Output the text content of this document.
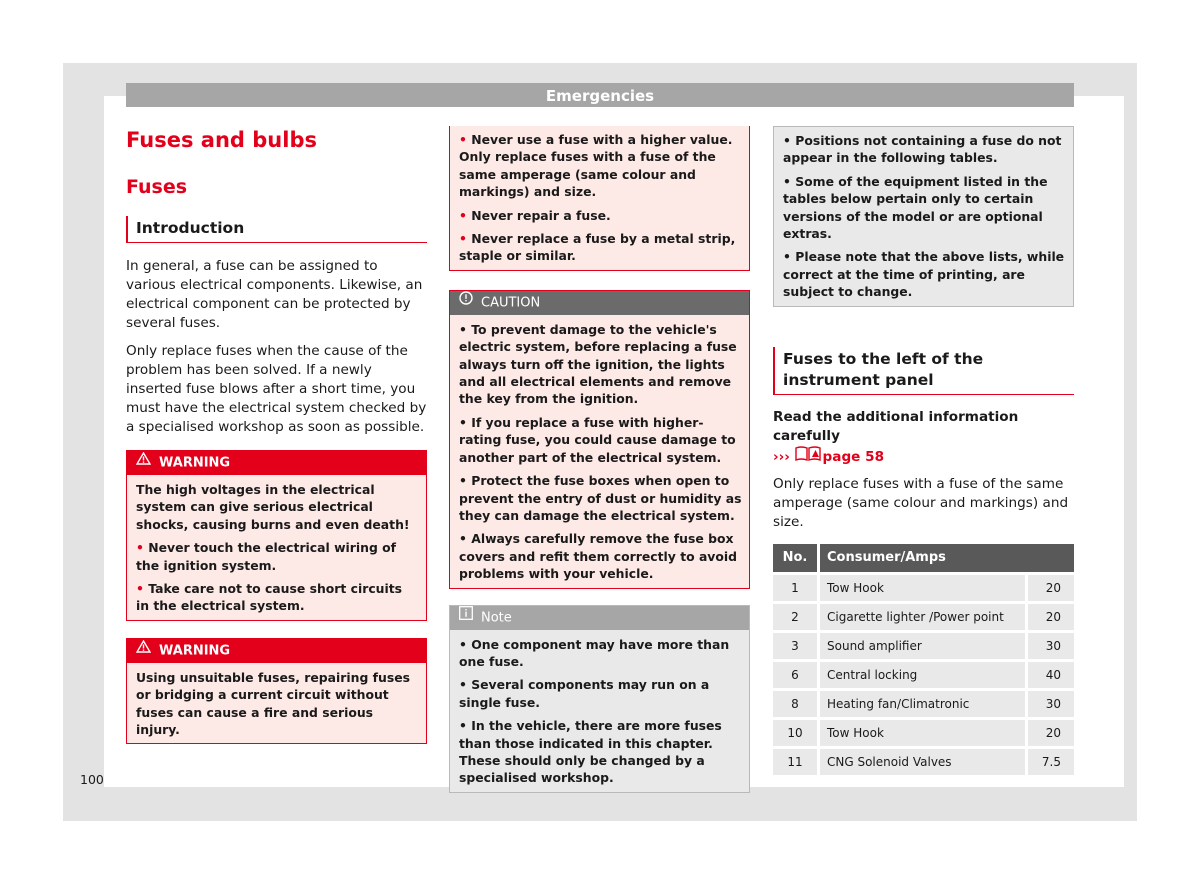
Emergencies
Fuses and bulbs
Fuses
Introduction

In general, a fuse can be assigned to various electrical components. Likewise, an electrical component can be protected by several fuses.

Only replace fuses when the cause of the problem has been solved. If a newly inserted fuse blows after a short time, you must have the electrical system checked by a specialised workshop as soon as possible.

WARNING

The high voltages in the electrical system can give serious electrical shocks, causing burns and even death!

• Never touch the electrical wiring of the ignition system.

• Take care not to cause short circuits in the electrical system.

WARNING

Using unsuitable fuses, repairing fuses or bridging a current circuit without fuses can cause a fire and serious injury.

• Never use a fuse with a higher value. Only replace fuses with a fuse of the same amperage (same colour and markings) and size.

• Never repair a fuse.

• Never replace a fuse by a metal strip, staple or similar.

CAUTION

• To prevent damage to the vehicle's electric system, before replacing a fuse always turn off the ignition, the lights and all electrical elements and remove the key from the ignition.

• If you replace a fuse with higher-rating fuse, you could cause damage to another part of the electrical system.

• Protect the fuse boxes when open to prevent the entry of dust or humidity as they can damage the electrical system.

• Always carefully remove the fuse box covers and refit them correctly to avoid problems with your vehicle.

Note

• One component may have more than one fuse.

• Several components may run on a single fuse.

• In the vehicle, there are more fuses than those indicated in this chapter. These should only be changed by a specialised workshop.

• Positions not containing a fuse do not appear in the following tables.

• Some of the equipment listed in the tables below pertain only to certain versions of the model or are optional extras.

• Please note that the above lists, while correct at the time of printing, are subject to change.

Fuses to the left of the instrument panel

Read the additional information carefully
››› page 58

Only replace fuses with a fuse of the same amperage (same colour and markings) and size.

No.	Consumer/Amps	
1	Tow Hook	20
2	Cigarette lighter /Power point	20
3	Sound amplifier	30
6	Central locking	40
8	Heating fan/Climatronic	30
10	Tow Hook	20
11	CNG Solenoid Valves	7.5
100
